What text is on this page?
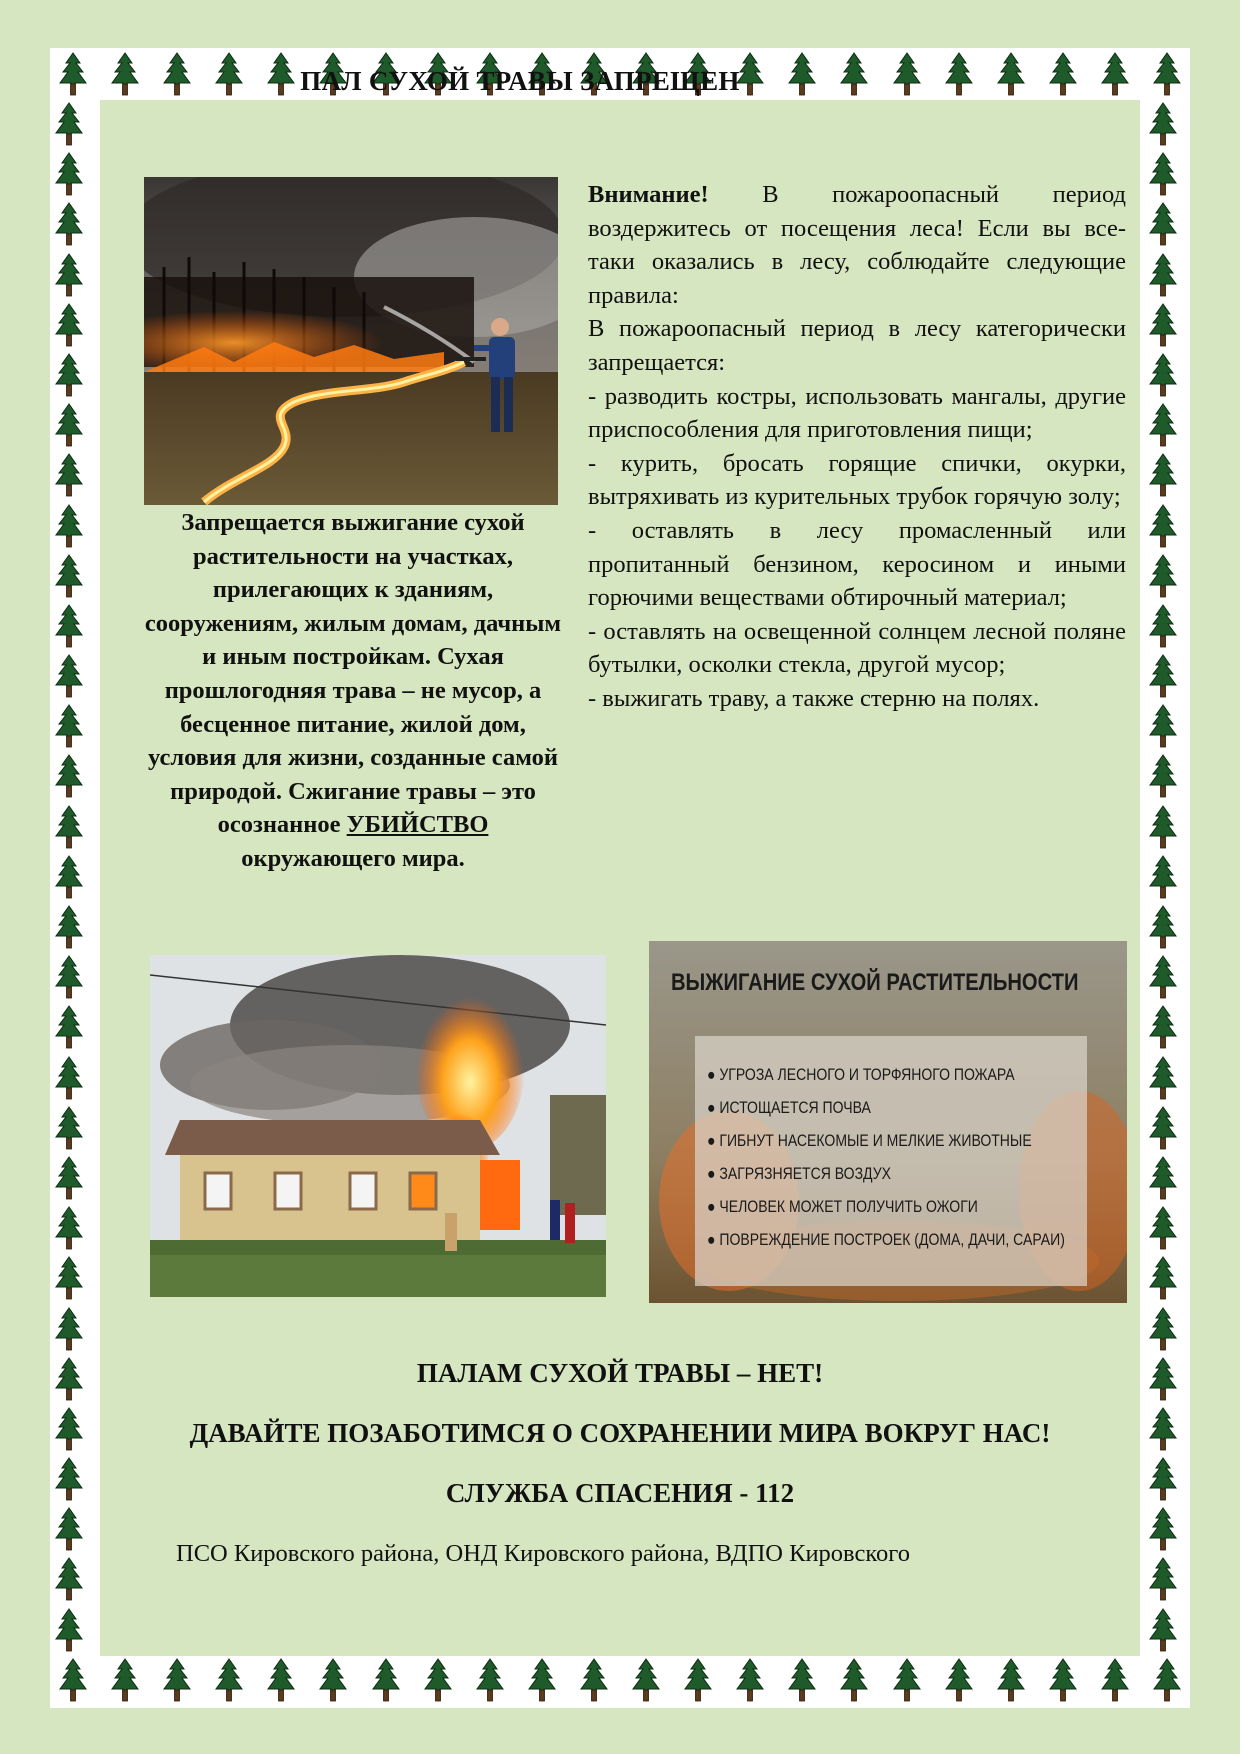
ПАЛ СУХОЙ ТРАВЫ ЗАПРЕЩЕН
Запрещается выжигание сухой растительности на участках, прилегающих к зданиям, сооружениям, жилым домам, дачным и иным постройкам. Сухая прошлогодняя трава – не мусор, а бесценное питание, жилой дом, условия для жизни, созданные самой природой. Сжигание травы – это осознанное УБИЙСТВО окружающего мира.

Внимание! В пожароопасный период воздержитесь от посещения леса! Если вы все-таки оказались в лесу, соблюдайте следующие правила:

В пожароопасный период в лесу категорически запрещается:

- разводить костры, использовать мангалы, другие приспособления для приготовления пищи;

- курить, бросать горящие спички, окурки, вытряхивать из курительных трубок горячую золу;

- оставлять в лесу промасленный или пропитанный бензином, керосином и иными горючими веществами обтирочный материал;

- оставлять на освещенной солнцем лесной поляне бутылки, осколки стекла, другой мусор;

- выжигать траву, а также стерню на полях.

ВЫЖИГАНИЕ СУХОЙ РАСТИТЕЛЬНОСТИ
● УГРОЗА ЛЕСНОГО И ТОРФЯНОГО ПОЖАРА
● ИСТОЩАЕТСЯ ПОЧВА
● ГИБНУТ НАСЕКОМЫЕ И МЕЛКИЕ ЖИВОТНЫЕ
● ЗАГРЯЗНЯЕТСЯ ВОЗДУХ
● ЧЕЛОВЕК МОЖЕТ ПОЛУЧИТЬ ОЖОГИ
● ПОВРЕЖДЕНИЕ ПОСТРОЕК (ДОМА, ДАЧИ, САРАИ)
ПАЛАМ СУХОЙ ТРАВЫ – НЕТ!
ДАВАЙТЕ ПОЗАБОТИМСЯ О СОХРАНЕНИИ МИРА ВОКРУГ НАС!
СЛУЖБА СПАСЕНИЯ - 112
ПСО Кировского района, ОНД Кировского района, ВДПО Кировского
